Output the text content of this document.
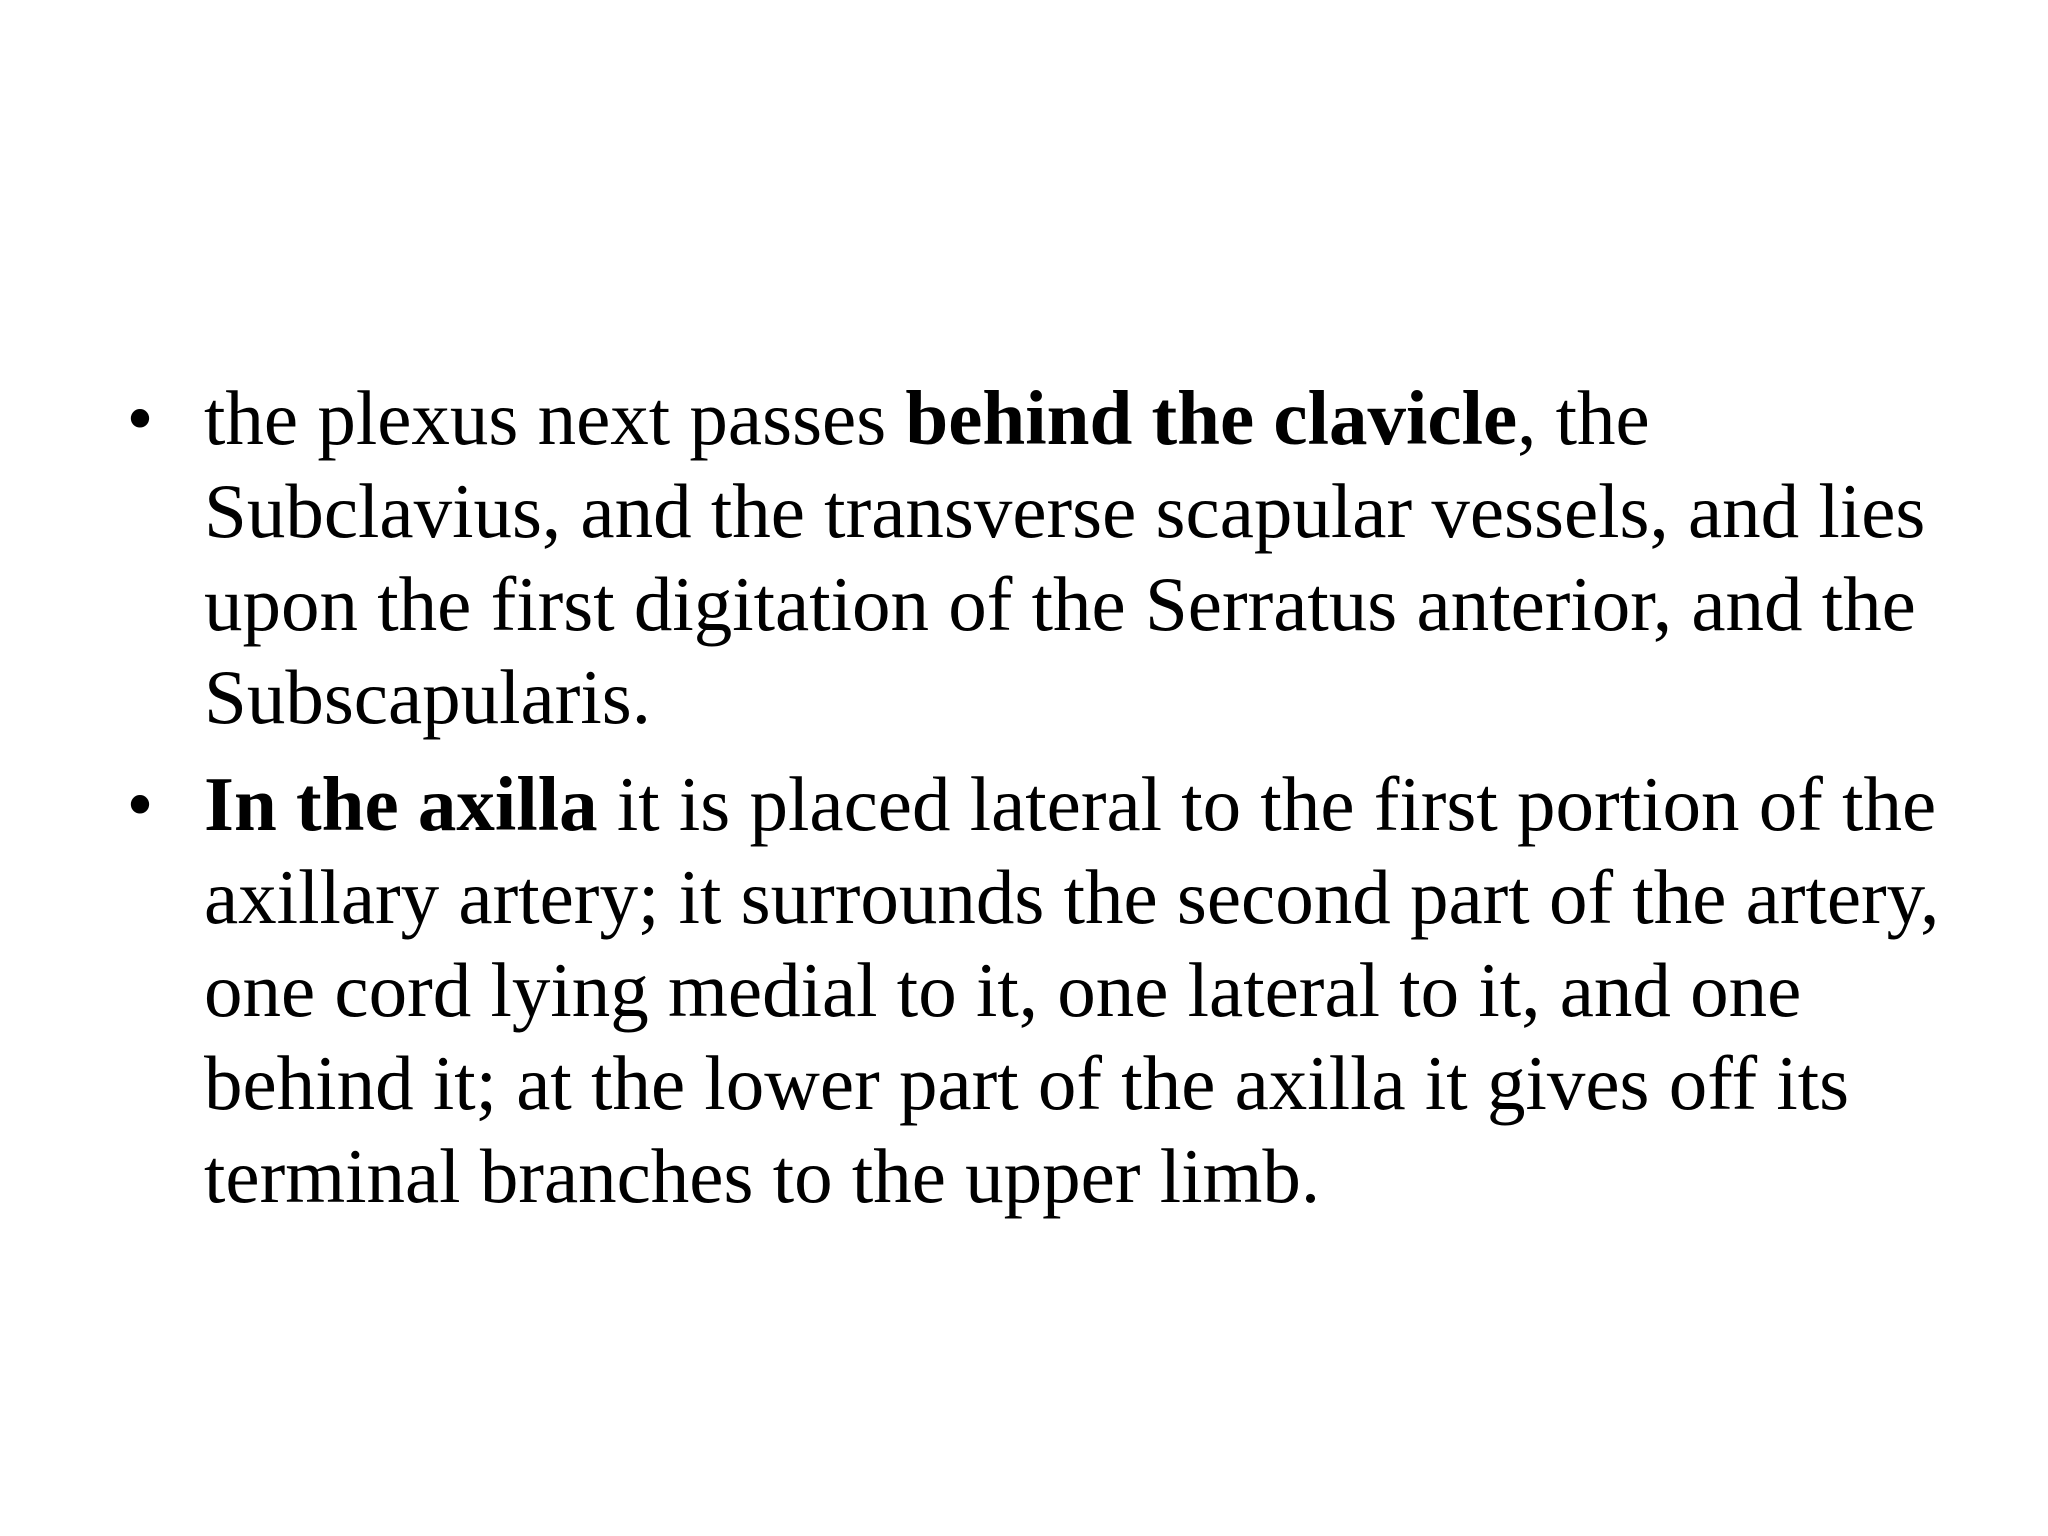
• the plexus next passes behind the clavicle, the Subclavius, and the transverse scapular vessels, and lies upon the first digitation of the Serratus anterior, and the Subscapularis.
• In the axilla it is placed lateral to the first portion of the axillary artery; it surrounds the second part of the artery, one cord lying medial to it, one lateral to it, and one behind it; at the lower part of the axilla it gives off its terminal branches to the upper limb.
